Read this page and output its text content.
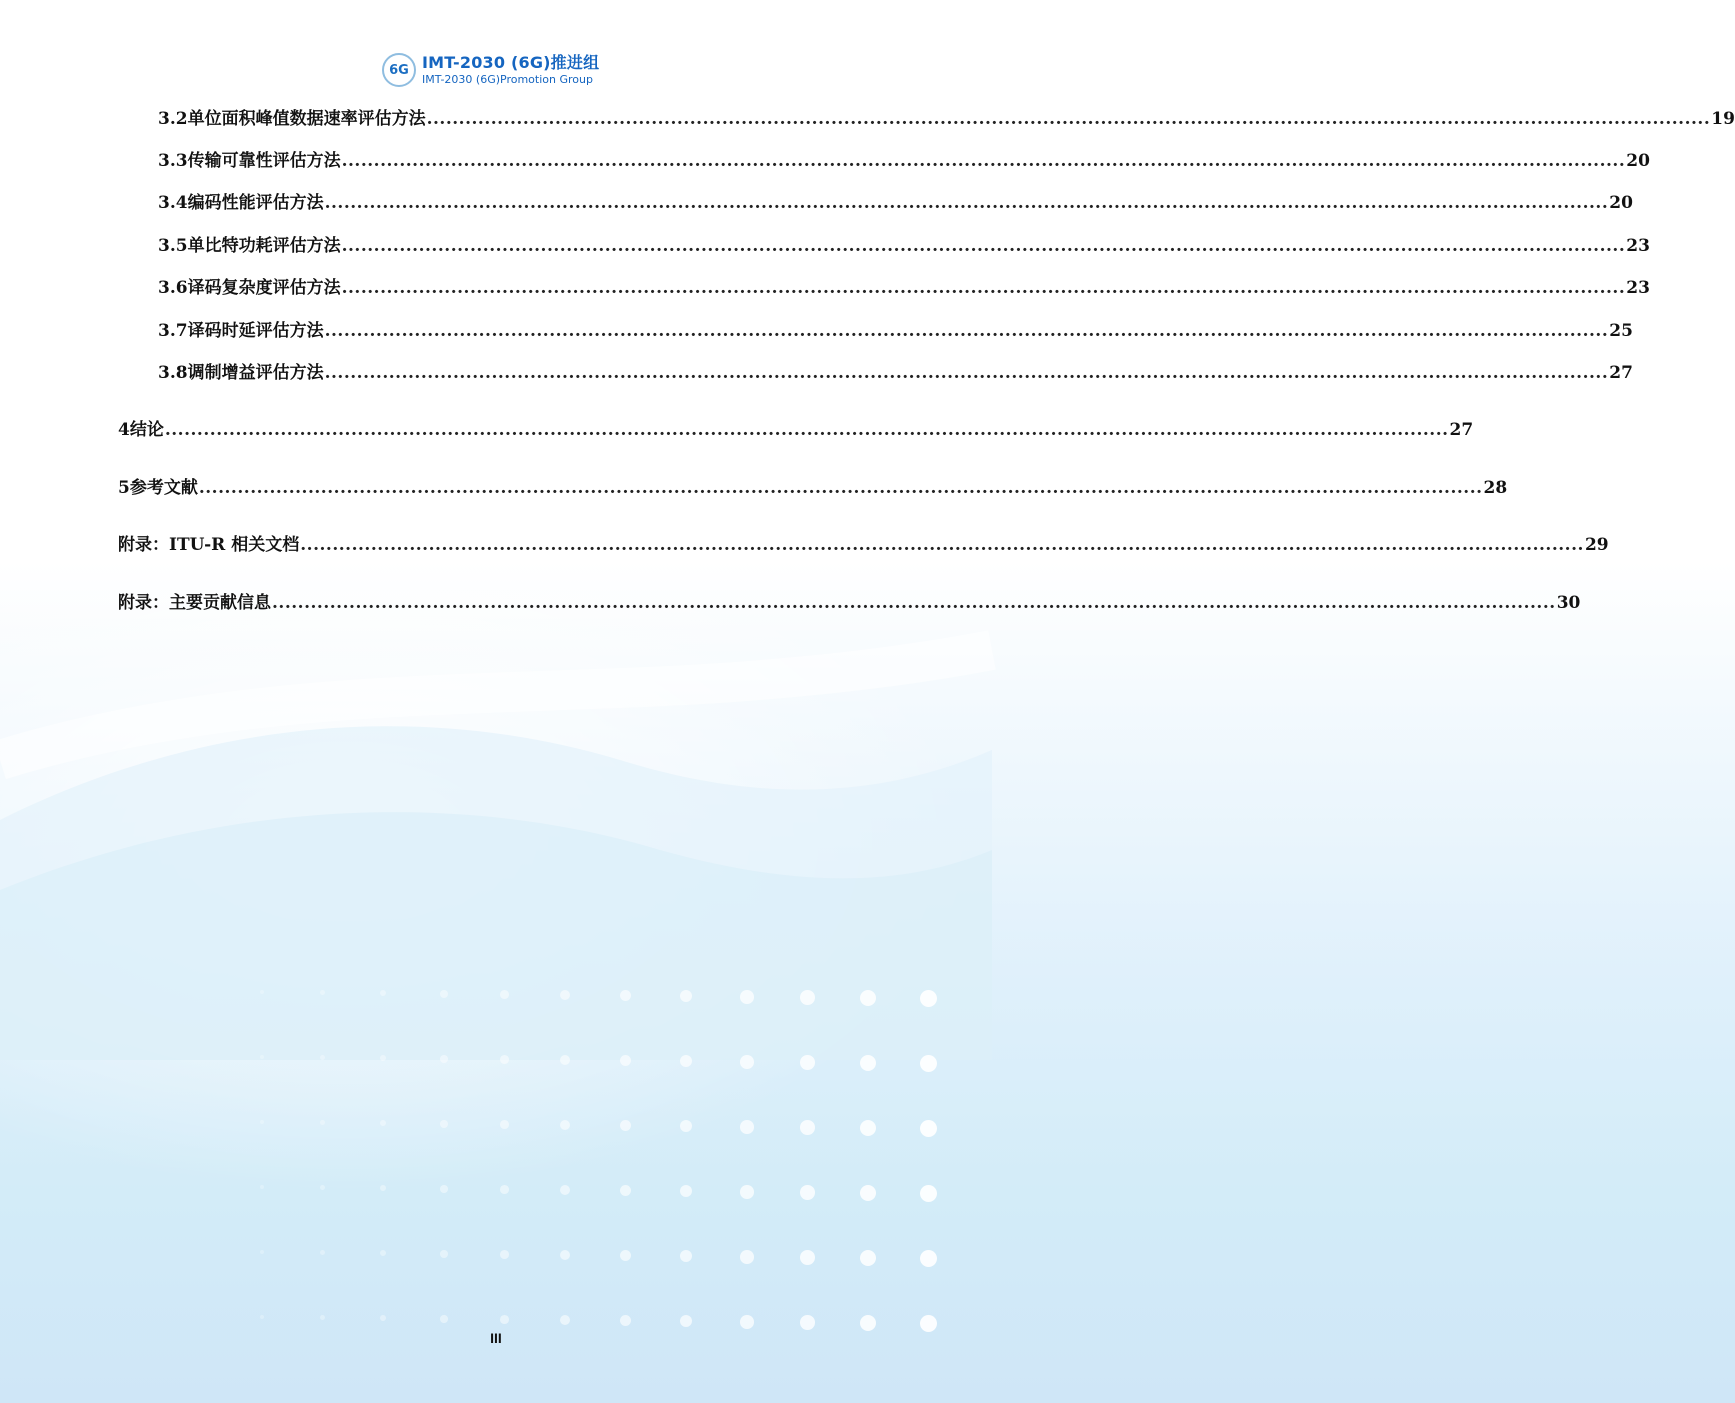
6G IMT-2030 (6G)推进组
IMT-2030 (6G)Promotion Group
3.2 单位面积峰值数据速率评估方法 ........................................................................................................................................................................................................ 19
3.3 传输可靠性评估方法 ........................................................................................................................................................................................................ 20
3.4 编码性能评估方法 ........................................................................................................................................................................................................ 20
3.5 单比特功耗评估方法 ........................................................................................................................................................................................................ 23
3.6 译码复杂度评估方法 ........................................................................................................................................................................................................ 23
3.7 译码时延评估方法 ........................................................................................................................................................................................................ 25
3.8 调制增益评估方法 ........................................................................................................................................................................................................ 27
4 结论 ........................................................................................................................................................................................................ 27
5 参考文献 ........................................................................................................................................................................................................ 28
附录：ITU-R 相关文档 ........................................................................................................................................................................................................ 29
附录：主要贡献信息 ........................................................................................................................................................................................................ 30
III
